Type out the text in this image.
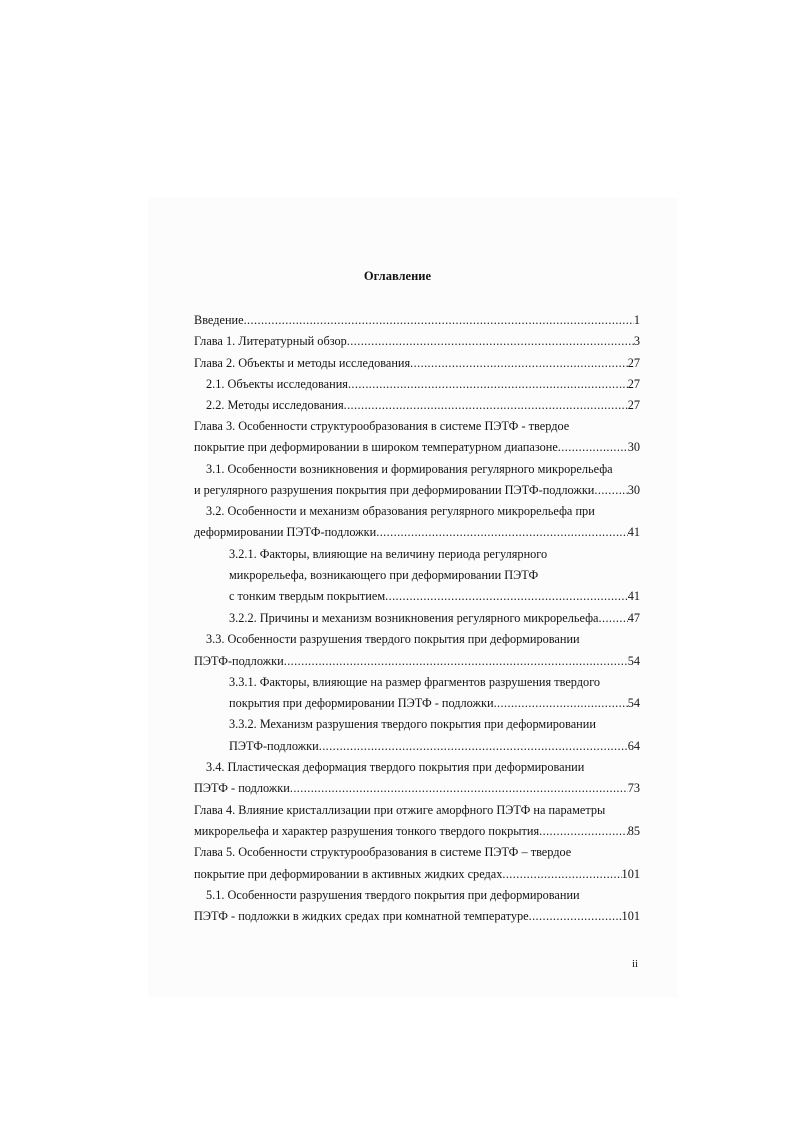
Оглавление
Введение .....	1
Глава 1. Литературный обзор .....	3
Глава 2. Объекты и методы исследования .....	27
2.1. Объекты исследования .....	27
2.2. Методы исследования .....	27
Глава 3. Особенности структурообразования в системе ПЭТФ - твердое
покрытие при деформировании в широком температурном диапазоне .....	30
3.1. Особенности возникновения и формирования регулярного микрорельефа
и регулярного разрушения покрытия при деформировании ПЭТФ-подложки .....	30
3.2. Особенности и механизм образования регулярного микрорельефа при
деформировании ПЭТФ-подложки .....	41
3.2.1. Факторы, влияющие на величину периода регулярного
микрорельефа, возникающего при деформировании ПЭТФ
с тонким твердым покрытием .....	41
3.2.2. Причины и механизм возникновения регулярного микрорельефа ..... 47
3.3. Особенности разрушения твердого покрытия при деформировании
ПЭТФ-подложки .....	54
3.3.1. Факторы, влияющие на размер фрагментов разрушения твердого
покрытия при деформировании ПЭТФ - подложки .....	54
3.3.2. Механизм разрушения твердого покрытия при деформировании
ПЭТФ-подложки .....	64
3.4. Пластическая деформация твердого покрытия при деформировании
ПЭТФ - подложки .....	73
Глава 4. Влияние кристаллизации при отжиге аморфного ПЭТФ на параметры
микрорельефа и характер разрушения тонкого твердого покрытия .....	85
Глава 5. Особенности структурообразования в системе ПЭТФ – твердое
покрытие при деформировании в активных жидких средах .....	101
5.1. Особенности разрушения твердого покрытия при деформировании
ПЭТФ - подложки в жидких средах при комнатной температуре .....	101
ii
